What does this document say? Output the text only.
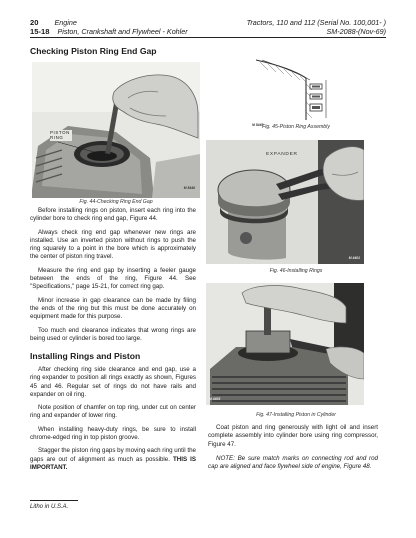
20 Engine
15-18 Piston, Crankshaft and Flywheel - Kohler
Tractors, 110 and 112 (Serial No. 100,001- )
SM-2088-(Nov-69)
Checking Piston Ring End Gap
PISTON RING
M 5446
Fig. 44-Checking Ring End Gap

Before installing rings on piston, insert each ring into the cylinder bore to check ring end gap, Figure 44.

Always check ring end gap whenever new rings are installed. Use an inverted piston without rings to push the ring squarely to a point in the bore which is approximately the center of piston ring travel.

Measure the ring end gap by inserting a feeler gauge between the ends of the ring, Figure 44. See "Specifications," page 15-21, for correct ring gap.

Minor increase in gap clearance can be made by filing the ends of the ring but this must be done accurately on equipment made for this purpose.

Too much end clearance indicates that wrong rings are being used or cylinder is bored too large.

Installing Rings and Piston

After checking ring side clearance and end gap, use a ring expander to position all rings exactly as shown, Figures 45 and 46. Regular set of rings do not have rails and expander on oil ring.

Note position of chamfer on top ring, under cut on center ring and expander of lower ring.

When installing heavy-duty rings, be sure to install chrome-edged ring in top piston groove.

Stagger the piston ring gaps by moving each ring until the gaps are out of alignment as much as possible. THIS IS IMPORTANT.

M 5445
Fig. 45-Piston Ring Assembly
EXPANDER
M 4401
Fig. 46-Installing Rings
M 4403
Fig. 47-Installing Piston in Cylinder

Coat piston and ring generously with light oil and insert complete assembly into cylinder bore using ring compressor, Figure 47.

NOTE: Be sure match marks on connecting rod and rod cap are aligned and face flywheel side of engine, Figure 48.

Litho in U.S.A.
